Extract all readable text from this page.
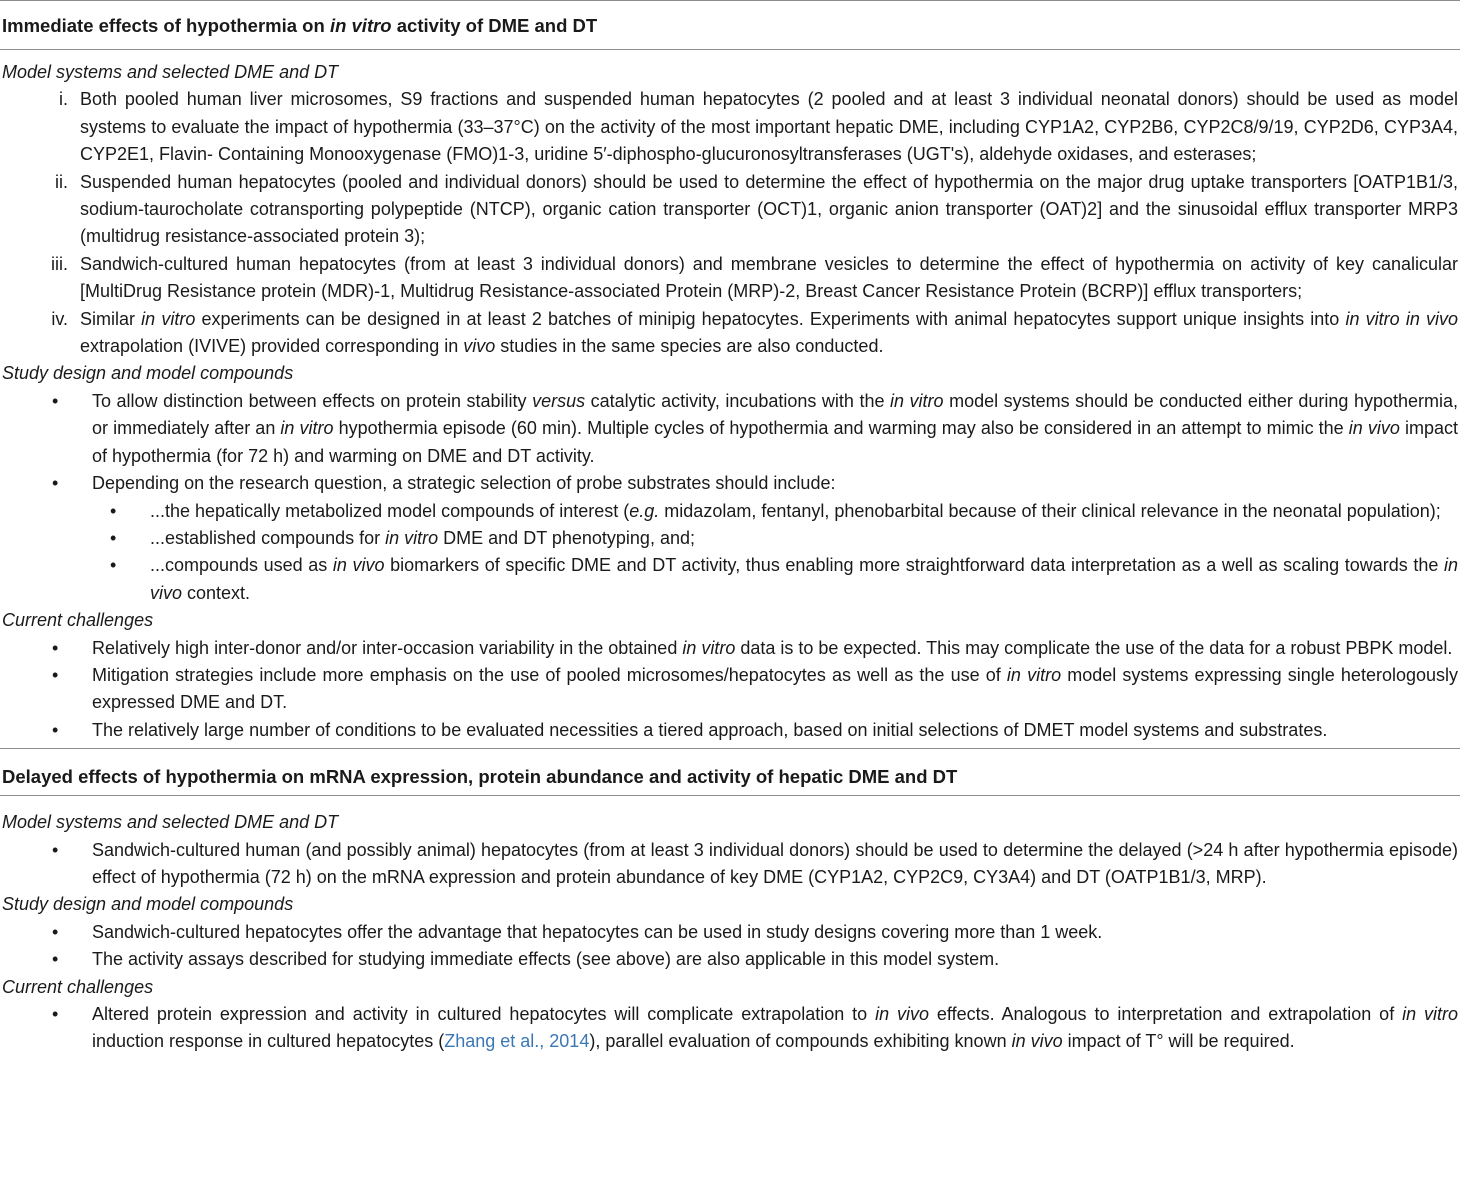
Immediate effects of hypothermia on in vitro activity of DME and DT
Model systems and selected DME and DT
i. Both pooled human liver microsomes, S9 fractions and suspended human hepatocytes (2 pooled and at least 3 individual neonatal donors) should be used as model systems to evaluate the impact of hypothermia (33–37°C) on the activity of the most important hepatic DME, including CYP1A2, CYP2B6, CYP2C8/9/19, CYP2D6, CYP3A4, CYP2E1, Flavin- Containing Monooxygenase (FMO)1-3, uridine 5′-diphospho-glucuronosyltransferases (UGT's), aldehyde oxidases, and esterases;
ii. Suspended human hepatocytes (pooled and individual donors) should be used to determine the effect of hypothermia on the major drug uptake transporters [OATP1B1/3, sodium-taurocholate cotransporting polypeptide (NTCP), organic cation transporter (OCT)1, organic anion transporter (OAT)2] and the sinusoidal efflux transporter MRP3 (multidrug resistance-associated protein 3);
iii. Sandwich-cultured human hepatocytes (from at least 3 individual donors) and membrane vesicles to determine the effect of hypothermia on activity of key canalicular [MultiDrug Resistance protein (MDR)-1, Multidrug Resistance-associated Protein (MRP)-2, Breast Cancer Resistance Protein (BCRP)] efflux transporters;
iv. Similar in vitro experiments can be designed in at least 2 batches of minipig hepatocytes. Experiments with animal hepatocytes support unique insights into in vitro in vivo extrapolation (IVIVE) provided corresponding in vivo studies in the same species are also conducted.
Study design and model compounds
•	To allow distinction between effects on protein stability versus catalytic activity, incubations with the in vitro model systems should be conducted either during hypothermia, or immediately after an in vitro hypothermia episode (60 min). Multiple cycles of hypothermia and warming may also be considered in an attempt to mimic the in vivo impact of hypothermia (for 72 h) and warming on DME and DT activity.
•	Depending on the research question, a strategic selection of probe substrates should include:
•	...the hepatically metabolized model compounds of interest (e.g. midazolam, fentanyl, phenobarbital because of their clinical relevance in the neonatal population);
•	...established compounds for in vitro DME and DT phenotyping, and;
•	...compounds used as in vivo biomarkers of specific DME and DT activity, thus enabling more straightforward data interpretation as a well as scaling towards the in vivo context.
Current challenges
•	Relatively high inter-donor and/or inter-occasion variability in the obtained in vitro data is to be expected. This may complicate the use of the data for a robust PBPK model.
•	Mitigation strategies include more emphasis on the use of pooled microsomes/hepatocytes as well as the use of in vitro model systems expressing single heterologously expressed DME and DT.
•	The relatively large number of conditions to be evaluated necessities a tiered approach, based on initial selections of DMET model systems and substrates.
Delayed effects of hypothermia on mRNA expression, protein abundance and activity of hepatic DME and DT
Model systems and selected DME and DT
•	Sandwich-cultured human (and possibly animal) hepatocytes (from at least 3 individual donors) should be used to determine the delayed (>24 h after hypothermia episode) effect of hypothermia (72 h) on the mRNA expression and protein abundance of key DME (CYP1A2, CYP2C9, CY3A4) and DT (OATP1B1/3, MRP).
Study design and model compounds
•	Sandwich-cultured hepatocytes offer the advantage that hepatocytes can be used in study designs covering more than 1 week.
•	The activity assays described for studying immediate effects (see above) are also applicable in this model system.
Current challenges
•	Altered protein expression and activity in cultured hepatocytes will complicate extrapolation to in vivo effects. Analogous to interpretation and extrapolation of in vitro induction response in cultured hepatocytes (Zhang et al., 2014), parallel evaluation of compounds exhibiting known in vivo impact of T° will be required.
